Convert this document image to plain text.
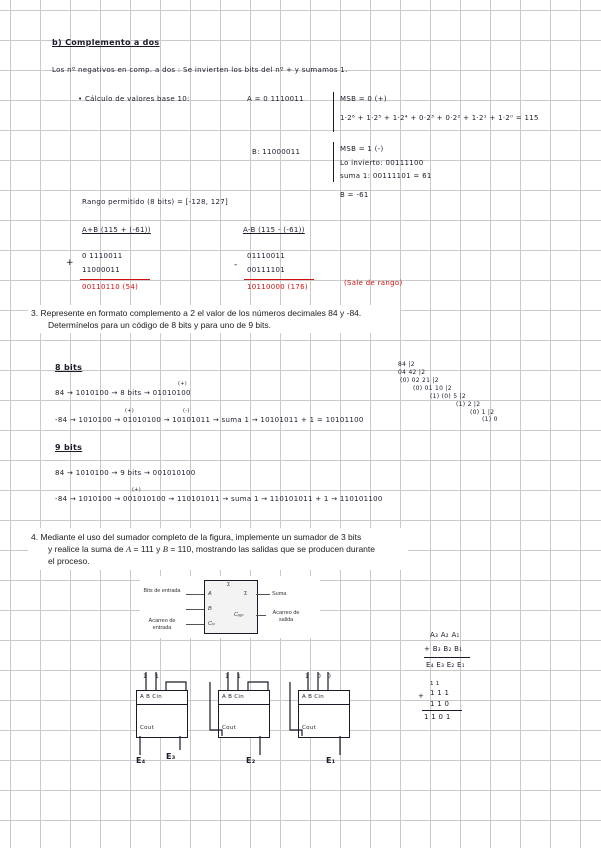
b) Complemento a dos
Los nº negativos en comp. a dos : Se invierten los bits del nº + y sumamos 1.
• Cálculo de valores base 10:	A = 0 1110011	MSB = 0 (+)
1·2⁶ + 1·2⁵ + 1·2⁴ + 0·2³ + 0·2² + 1·2¹ + 1·2⁰ = 115
B: 11000011	MSB = 1 (-)
Lo invierto: 00111100
suma 1: 00111101 = 61
B = -61
Rango permitido (8 bits) = [-128, 127]
A+B (115 + (-61))
+
0 1110011
11000011
00110110 (54)
A-B (115 - (-61))
-
01110011
00111101
10110000 (176)	(Sale de rango)
3. Represente en formato complemento a 2 el valor de los números decimales 84 y -84.
Determínelos para un código de 8 bits y para uno de 9 bits.
8 bits
84 → 1010100 → 8 bits → 01010100
(+)
-84 → 1010100 → 01010100 → 10101011 → suma 1 → 10101011 + 1 = 10101100
(+)	(-)
9 bits
84 → 1010100 → 9 bits → 001010100
-84 → 1010100 → 001010100 → 110101011 → suma 1 → 110101011 + 1 → 110101100
(+)
84 |2
04 42 |2
(0) 02 21 |2
(0) 01 10 |2
(1) (0) 5 |2
(1) 2 |2
(0) 1 |2
(1) 0
4. Mediante el uso del sumador completo de la figura, implemente un sumador de 3 bits
y realice la suma de A = 111 y B = 110, mostrando las salidas que se producen durante
el proceso.
Σ
A
B
Cᵢₙ
Σ
Cₒᵤₜ
Bits de entrada
Acarreo de entrada
Suma
Acarreo de salida
A B Cin
Cout
A B Cin
Cout
A B Cin
Cout
1 1	1 1	1 0 0
E₄	E₃	E₂	E₁
A₃ A₂ A₁
+ B₃ B₂ B₁
E₄ E₃ E₂ E₁
1 1
+ 1 1 1
1 1 0
1 1 0 1
